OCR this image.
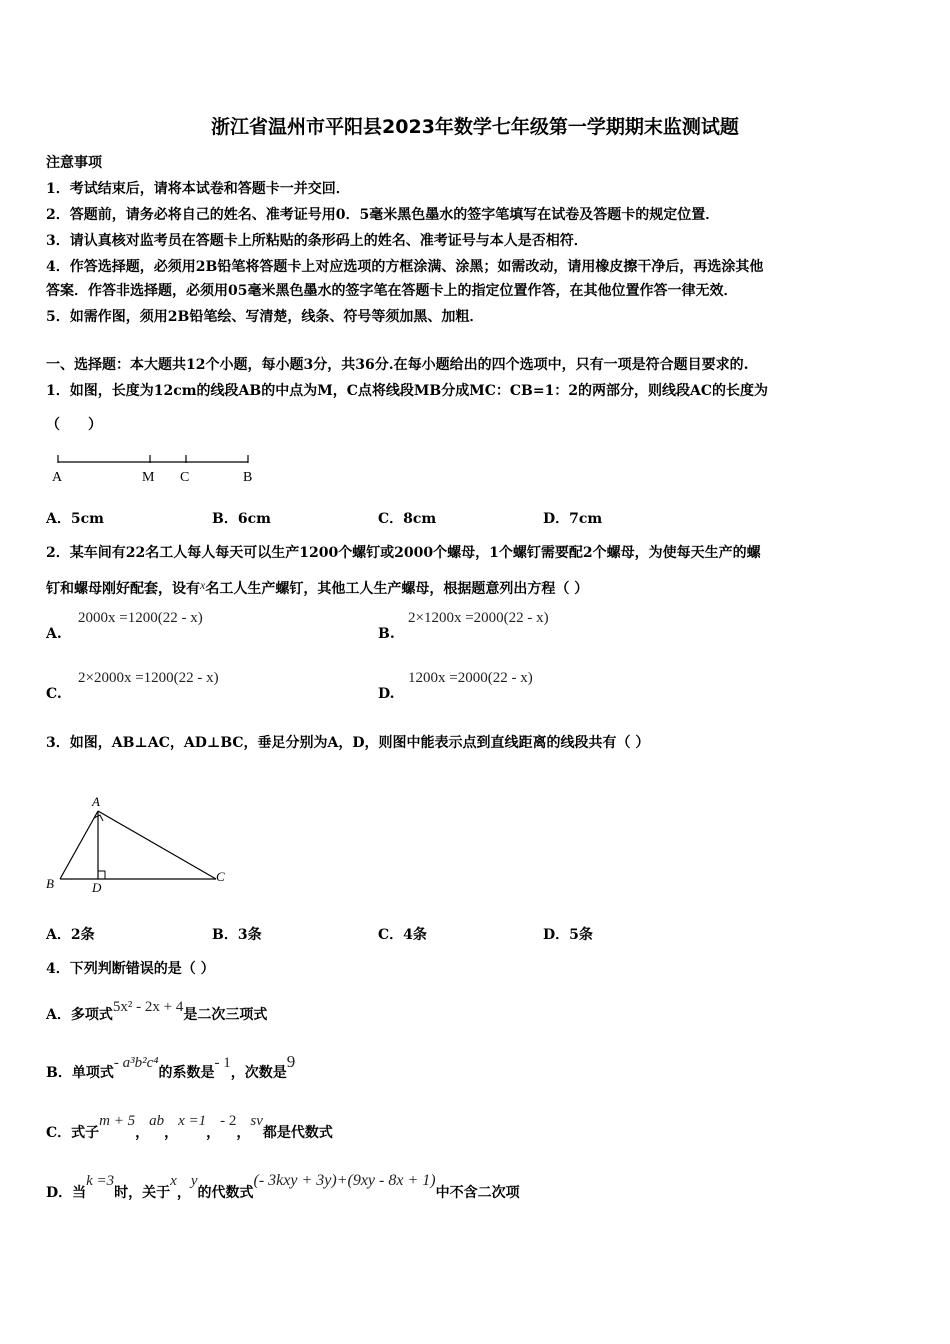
浙江省温州市平阳县2023年数学七年级第一学期期末监测试题
注意事项
1．考试结束后，请将本试卷和答题卡一并交回．
2．答题前，请务必将自己的姓名、准考证号用0．5毫米黑色墨水的签字笔填写在试卷及答题卡的规定位置．
3．请认真核对监考员在答题卡上所粘贴的条形码上的姓名、准考证号与本人是否相符．
4．作答选择题，必须用2B铅笔将答题卡上对应选项的方框涂满、涂黑；如需改动，请用橡皮擦干净后，再选涂其他
答案．作答非选择题，必须用05毫米黑色墨水的签字笔在答题卡上的指定位置作答，在其他位置作答一律无效．
5．如需作图，须用2B铅笔绘、写清楚，线条、符号等须加黑、加粗．
一、选择题：本大题共12个小题，每小题3分，共36分.在每小题给出的四个选项中，只有一项是符合题目要求的.
1．如图，长度为12cm的线段AB的中点为M，C点将线段MB分成MC：CB=1：2的两部分，则线段AC的长度为
（　　）
A	M C	B
A．5cm	B．6cm	C．8cm	D．7cm
2．某车间有22名工人每人每天可以生产1200个螺钉或2000个螺母，1个螺钉需要配2个螺母，为使每天生产的螺
钉和螺母刚好配套，设有x名工人生产螺钉，其他工人生产螺母，根据题意列出方程（ ）
A.
2000x =1200(22 - x)
B.
2×1200x =2000(22 - x)
C.
2×2000x =1200(22 - x)
D.
1200x =2000(22 - x)
3．如图，AB⊥AC，AD⊥BC，垂足分别为A，D，则图中能表示点到直线距离的线段共有（ ）
A
B	C
D
A．2条	B．3条	C．4条	D．5条
4．下列判断错误的是（ ）
A．多项式5x² - 2x + 4是二次三项式
B．单项式- a³b²c⁴的系数是- 1，次数是9
C．式子m + 5，ab，x =1，- 2，sv都是代数式
D．当k =3时，关于x，y的代数式(- 3kxy + 3y)+(9xy - 8x + 1)中不含二次项
